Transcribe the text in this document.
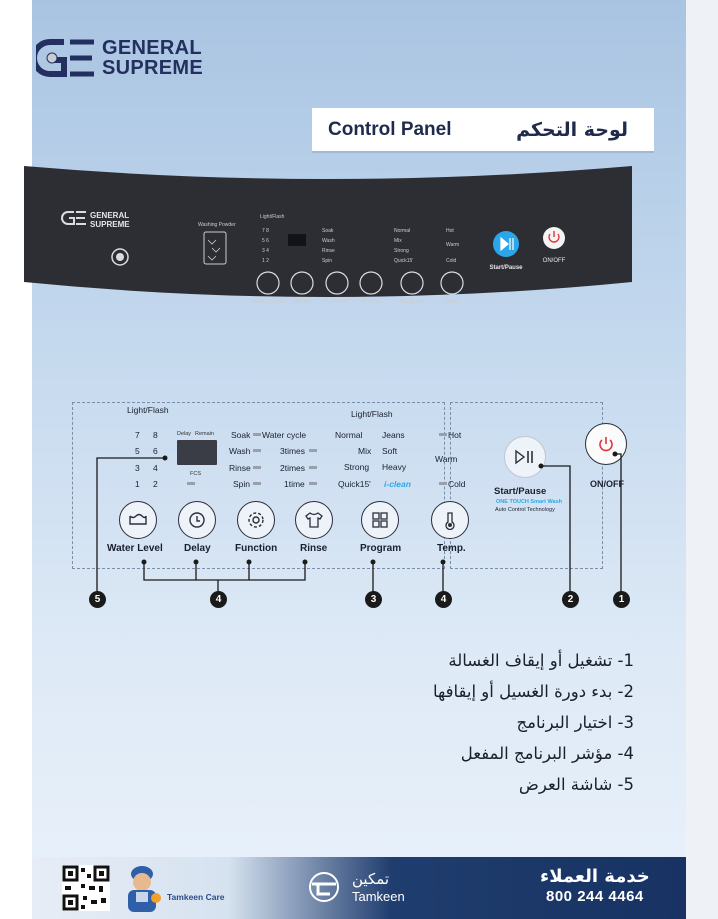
GENERAL
SUPREME
Control Panel	لوحة التحكم
GENERAL
SUPREME	Washing Powder
Light/Flash
7 8
5 6
3 4
1 2
Soak
Wash
Rinse
Spin
Normal
Mix
Strong
Quick15'
Hot
Warm
Cold
Water Level Delay Function Rinse	Program	Temp.
Start/Pause
ON/OFF
Light/Flash	Light/Flash
7 8
5 6
3 4
1 2
Delay Remain
FCS
Soak
Wash
Rinse
Spin
Water cycle
3times
2times
1time
Normal
Mix
Strong
Quick15'
Jeans
Soft
Heavy
i-clean
Hot
Warm
Cold
Water Level Delay Function Rinse	Program	Temp.
Start/Pause
ONE TOUCH Smart Wash
Auto Control Technology
ON/OFF
5	4	3	4	2	1
1- تشغيل أو إيقاف الغسالة
2- بدء دورة الغسيل أو إيقافها
3- اختيار البرنامج
4- مؤشر البرنامج المفعل
5- شاشة العرض
Tamkeen Care
تمكين
Tamkeen
خدمة العملاء
800 244 4464
